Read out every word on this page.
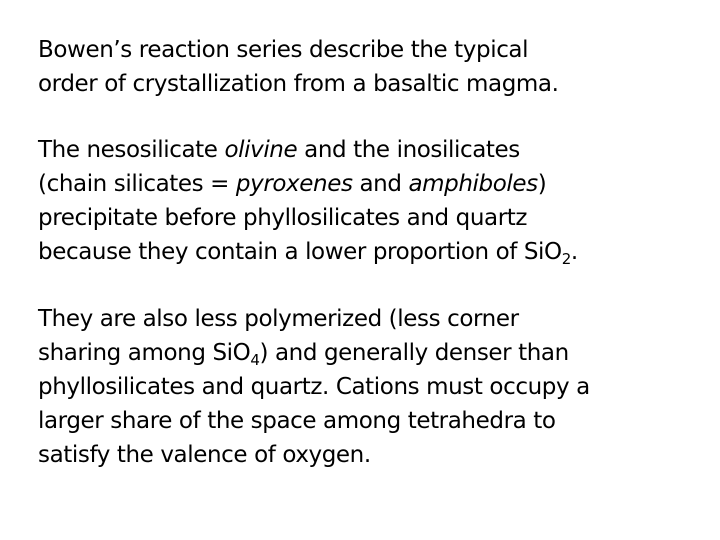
Bowen’s reaction series describe the typical
order of crystallization from a basaltic magma.

The nesosilicate olivine and the inosilicates
(chain silicates = pyroxenes and amphiboles)
precipitate before phyllosilicates and quartz
because they contain a lower proportion of SiO$_2$.

They are also less polymerized (less corner
sharing among SiO$_4$) and generally denser than
phyllosilicates and quartz. Cations must occupy a
larger share of the space among tetrahedra to
satisfy the valence of oxygen.
